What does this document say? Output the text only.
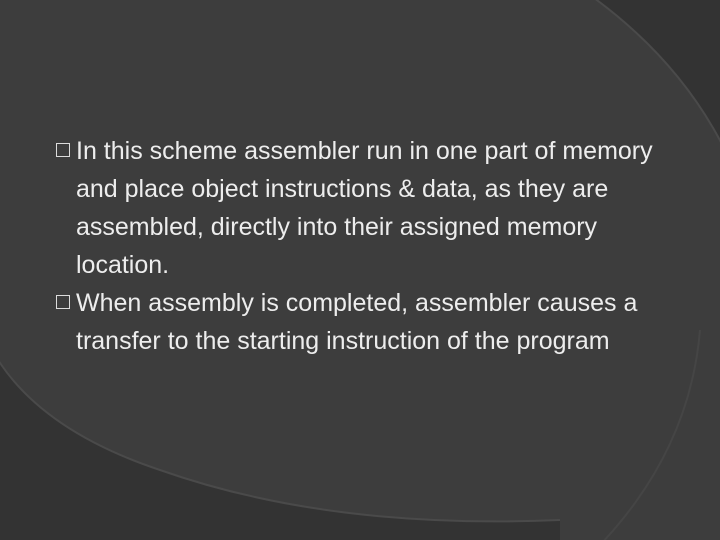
In this scheme assembler run in one part of memory and place object instructions & data, as they are assembled, directly into their assigned memory location.

When assembly is completed, assembler causes a transfer to the starting instruction of the program
